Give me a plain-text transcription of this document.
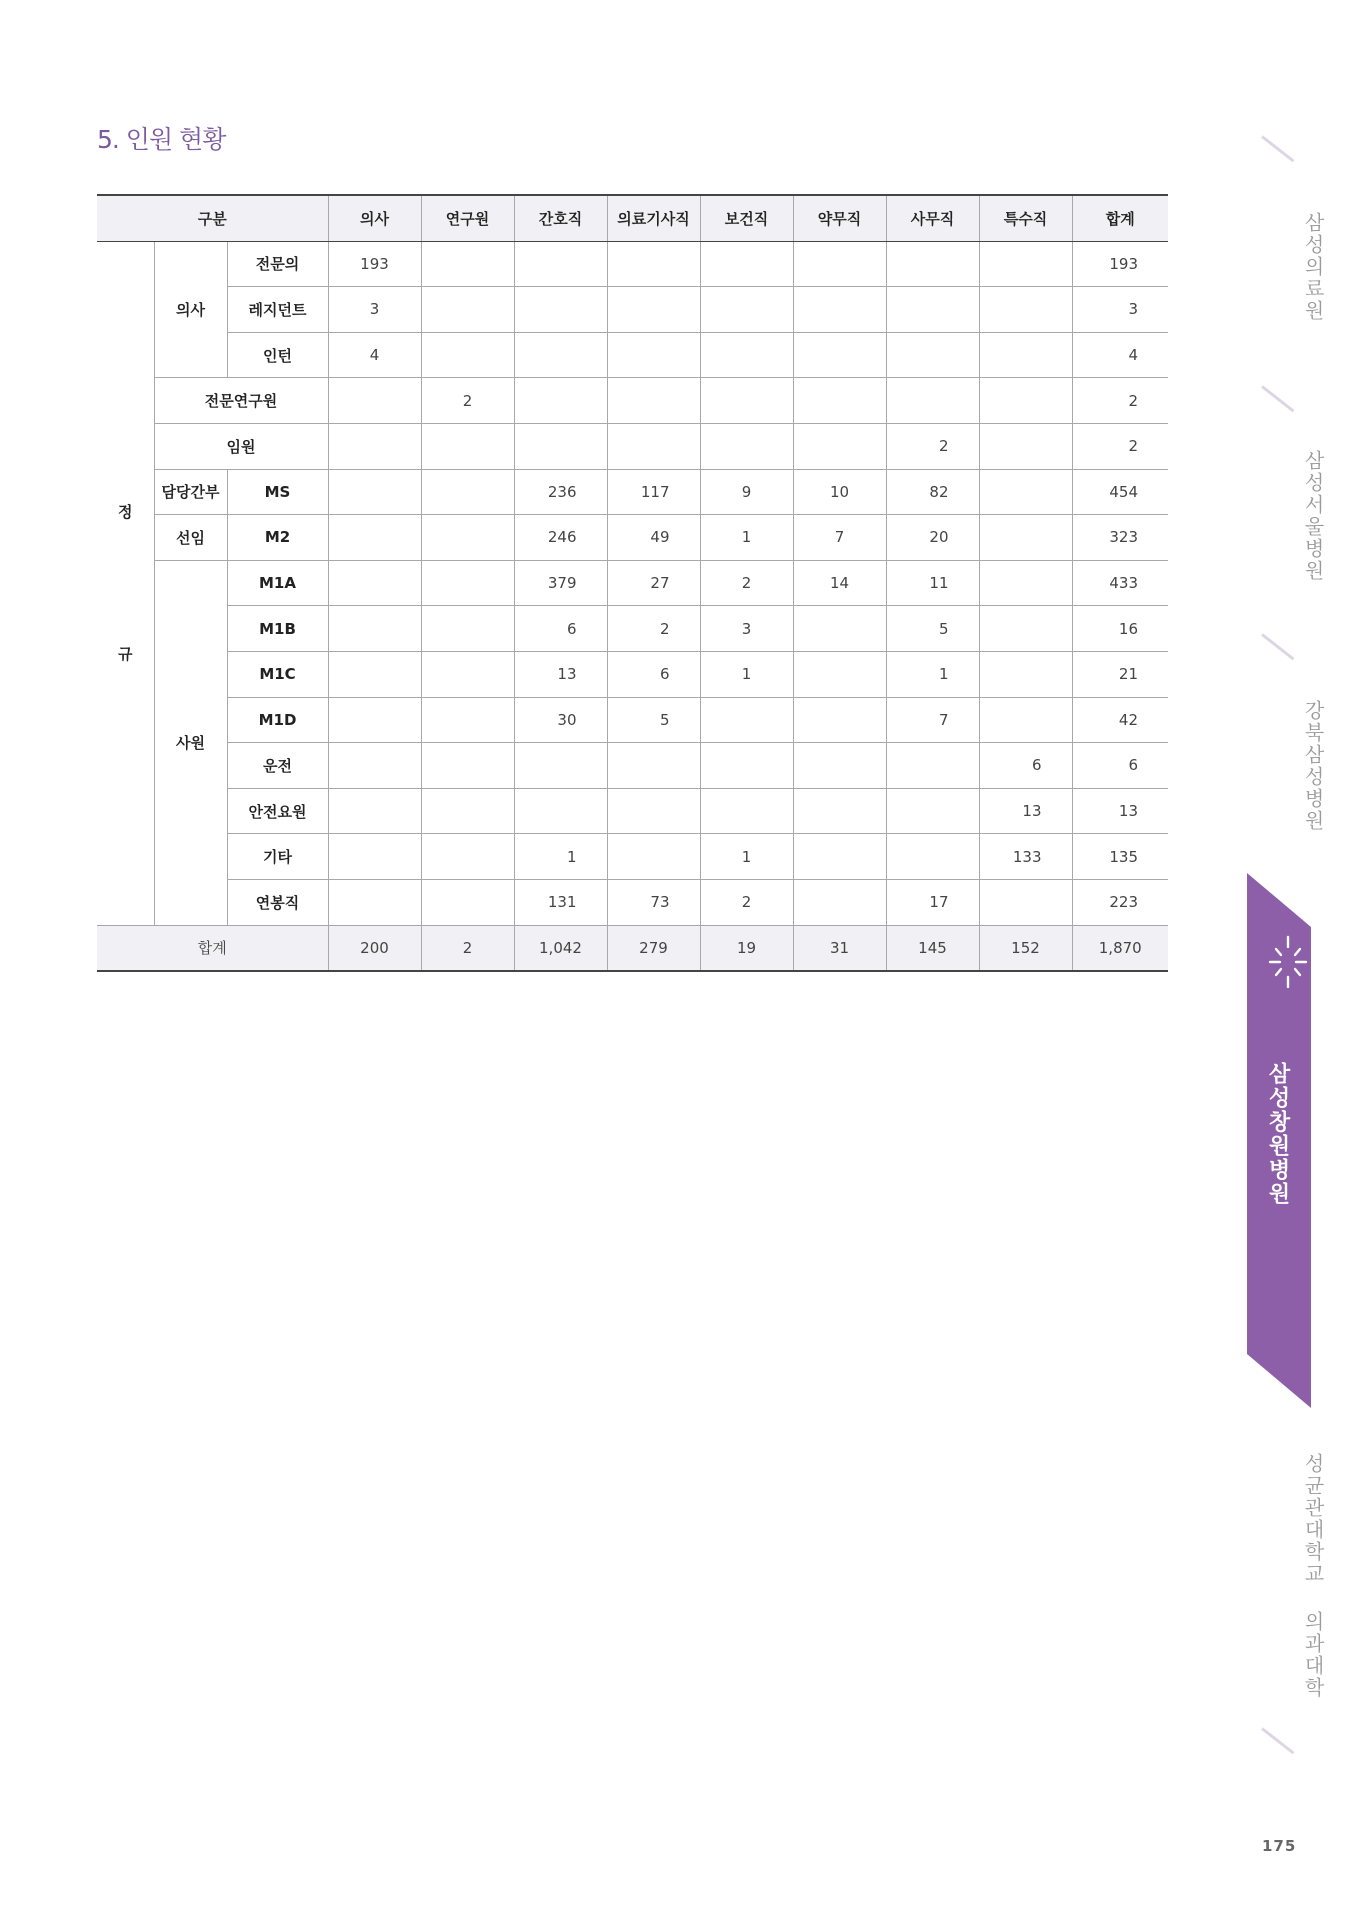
5. 인원 현황
구분			의사	연구원	간호직	의료기사직	보건직	약무직	사무직	특수직	합계

정
규	의사	전문의	193								193
		레지던트	3								3
		인턴	4								4
	전문연구원			2							2
	임원								2		2
	담당간부	MS			236	117	9	10	82		454
	선임	M2			246	49	1	7	20		323
	사원	M1A			379	27	2	14	11		433
		M1B			6	2	3		5		16
		M1C			13	6	1		1		21
		M1D			30	5			7		42
		운전								6	6
		안전요원								13	13
		기타			1		1			133	135
		연봉직			131	73	2		17		223
합계			200	2	1,042	279	19	31	145	152	1,870
삼성의료원
삼성서울병원
강북삼성병원
성균관대학교 의과대학
삼성창원병원
175
